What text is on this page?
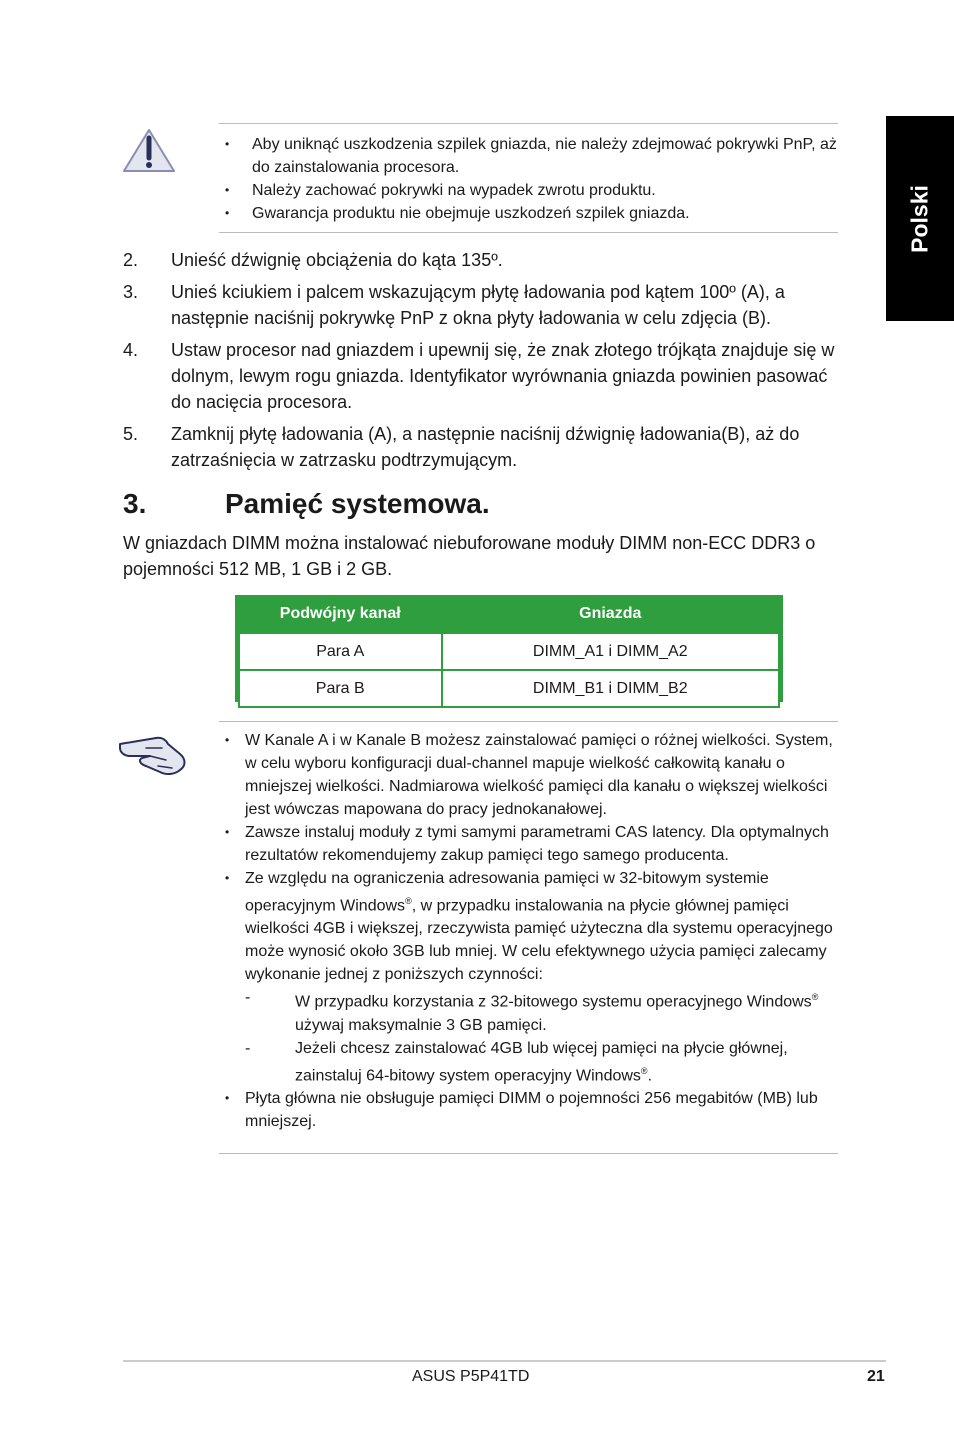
Polski
• Aby uniknąć uszkodzenia szpilek gniazda, nie należy zdejmować pokrywki PnP, aż do zainstalowania procesora.
• Należy zachować pokrywki na wypadek zwrotu produktu.
• Gwarancja produktu nie obejmuje uszkodzeń szpilek gniazda.
2. Unieść dźwignię obciążenia do kąta 135º.
3. Unieś kciukiem i palcem wskazującym płytę ładowania pod kątem 100º (A), a następnie naciśnij pokrywkę PnP z okna płyty ładowania w celu zdjęcia (B).
4. Ustaw procesor nad gniazdem i upewnij się, że znak złotego trójkąta znajduje się w dolnym, lewym rogu gniazda. Identyfikator wyrównania gniazda powinien pasować do nacięcia procesora.
5. Zamknij płytę ładowania (A), a następnie naciśnij dźwignię ładowania(B), aż do zatrzaśnięcia w zatrzasku podtrzymującym.
3.	Pamięć systemowa.
W gniazdach DIMM można instalować niebuforowane moduły DIMM non-ECC DDR3 o pojemności 512 MB, 1 GB i 2 GB.
Podwójny kanał	Gniazda
Para A	DIMM_A1 i DIMM_A2
Para B	DIMM_B1 i DIMM_B2
• W Kanale A i w Kanale B możesz zainstalować pamięci o różnej wielkości. System, w celu wyboru konfiguracji dual-channel mapuje wielkość całkowitą kanału o mniejszej wielkości. Nadmiarowa wielkość pamięci dla kanału o większej wielkości jest wówczas mapowana do pracy jednokanałowej.
• Zawsze instaluj moduły z tymi samymi parametrami CAS latency. Dla optymalnych rezultatów rekomendujemy zakup pamięci tego samego producenta.
• Ze względu na ograniczenia adresowania pamięci w 32-bitowym systemie operacyjnym Windows®, w przypadku instalowania na płycie głównej pamięci wielkości 4GB i większej, rzeczywista pamięć użyteczna dla systemu operacyjnego może wynosić około 3GB lub mniej. W celu efektywnego użycia pamięci zalecamy wykonanie jednej z poniższych czynności:
-	W przypadku korzystania z 32-bitowego systemu operacyjnego Windows® używaj maksymalnie 3 GB pamięci.
-	Jeżeli chcesz zainstalować 4GB lub więcej pamięci na płycie głównej, zainstaluj 64-bitowy system operacyjny Windows®.
• Płyta główna nie obsługuje pamięci DIMM o pojemności 256 megabitów (MB) lub mniejszej.
ASUS P5P41TD	21
